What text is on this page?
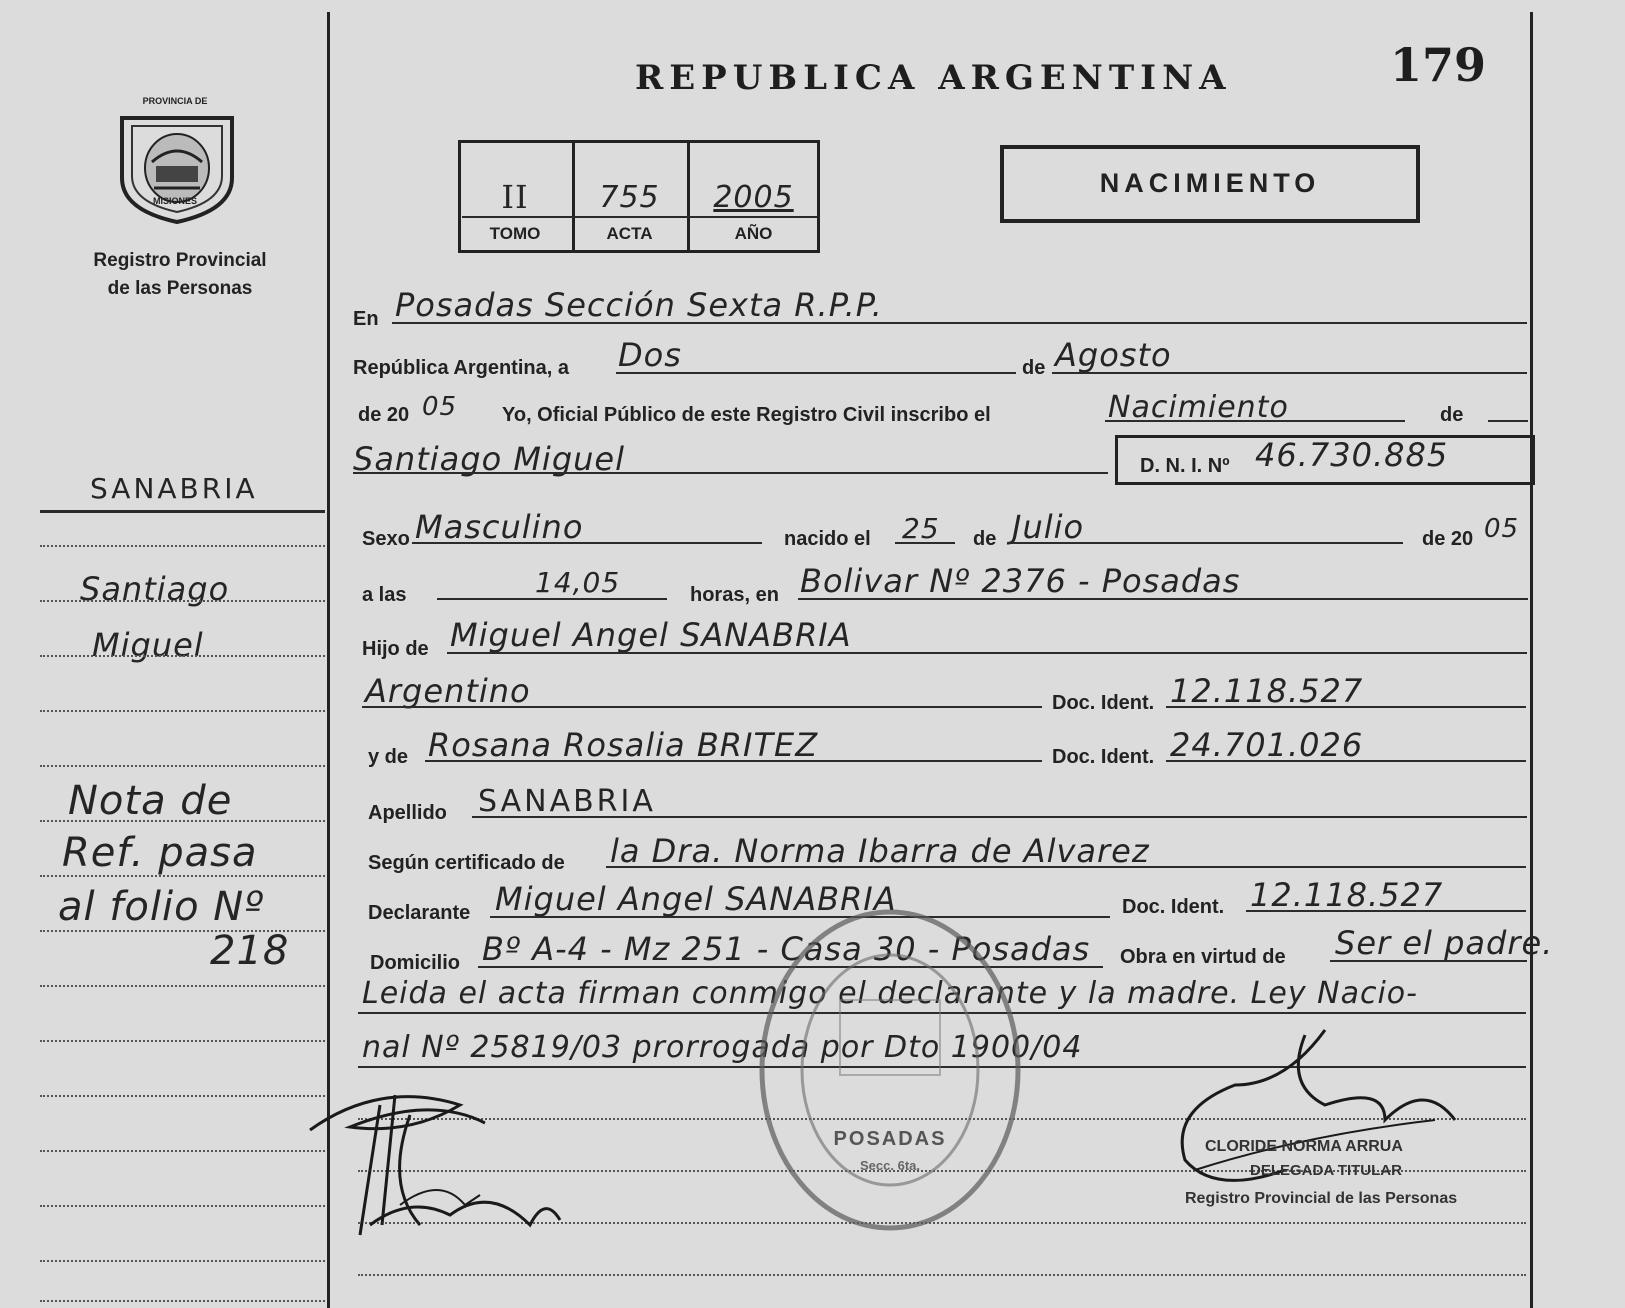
REPUBLICA ARGENTINA	179
II	755	2005
TOMO	ACTA	AÑO
NACIMIENTO
PROVINCIA DE
MISIONES
Registro Provincial
de las Personas
SANABRIA
Santiago
Miguel
Nota de
Ref. pasa
al folio Nº
218
En Posadas Sección Sexta R.P.P.
República Argentina, a Dos	de Agosto
de 20 05 Yo, Oficial Público de este Registro Civil inscribo el	Nacimiento	de
Santiago Miguel	D. N. I. Nº 46.730.885
Sexo Masculino	nacido el 25 de Julio	de 20 05
a las	14,05	horas, en Bolivar Nº 2376 - Posadas
Hijo de Miguel Angel SANABRIA
Argentino	Doc. Ident. 12.118.527
y de Rosana Rosalia BRITEZ	Doc. Ident. 24.701.026
Apellido SANABRIA
Según certificado de la Dra. Norma Ibarra de Alvarez
Declarante Miguel Angel SANABRIA	Doc. Ident. 12.118.527
Domicilio Bº A-4 - Mz 251 - Casa 30 - Posadas Obra en virtud de Ser el padre.
Leida el acta firman conmigo el declarante y la madre. Ley Nacio-
nal Nº 25819/03 prorrogada por Dto 1900/04
POSADAS
Secc. 6ta.
CLORIDE NORMA ARRUA
DELEGADA TITULAR
Registro Provincial de las Personas
